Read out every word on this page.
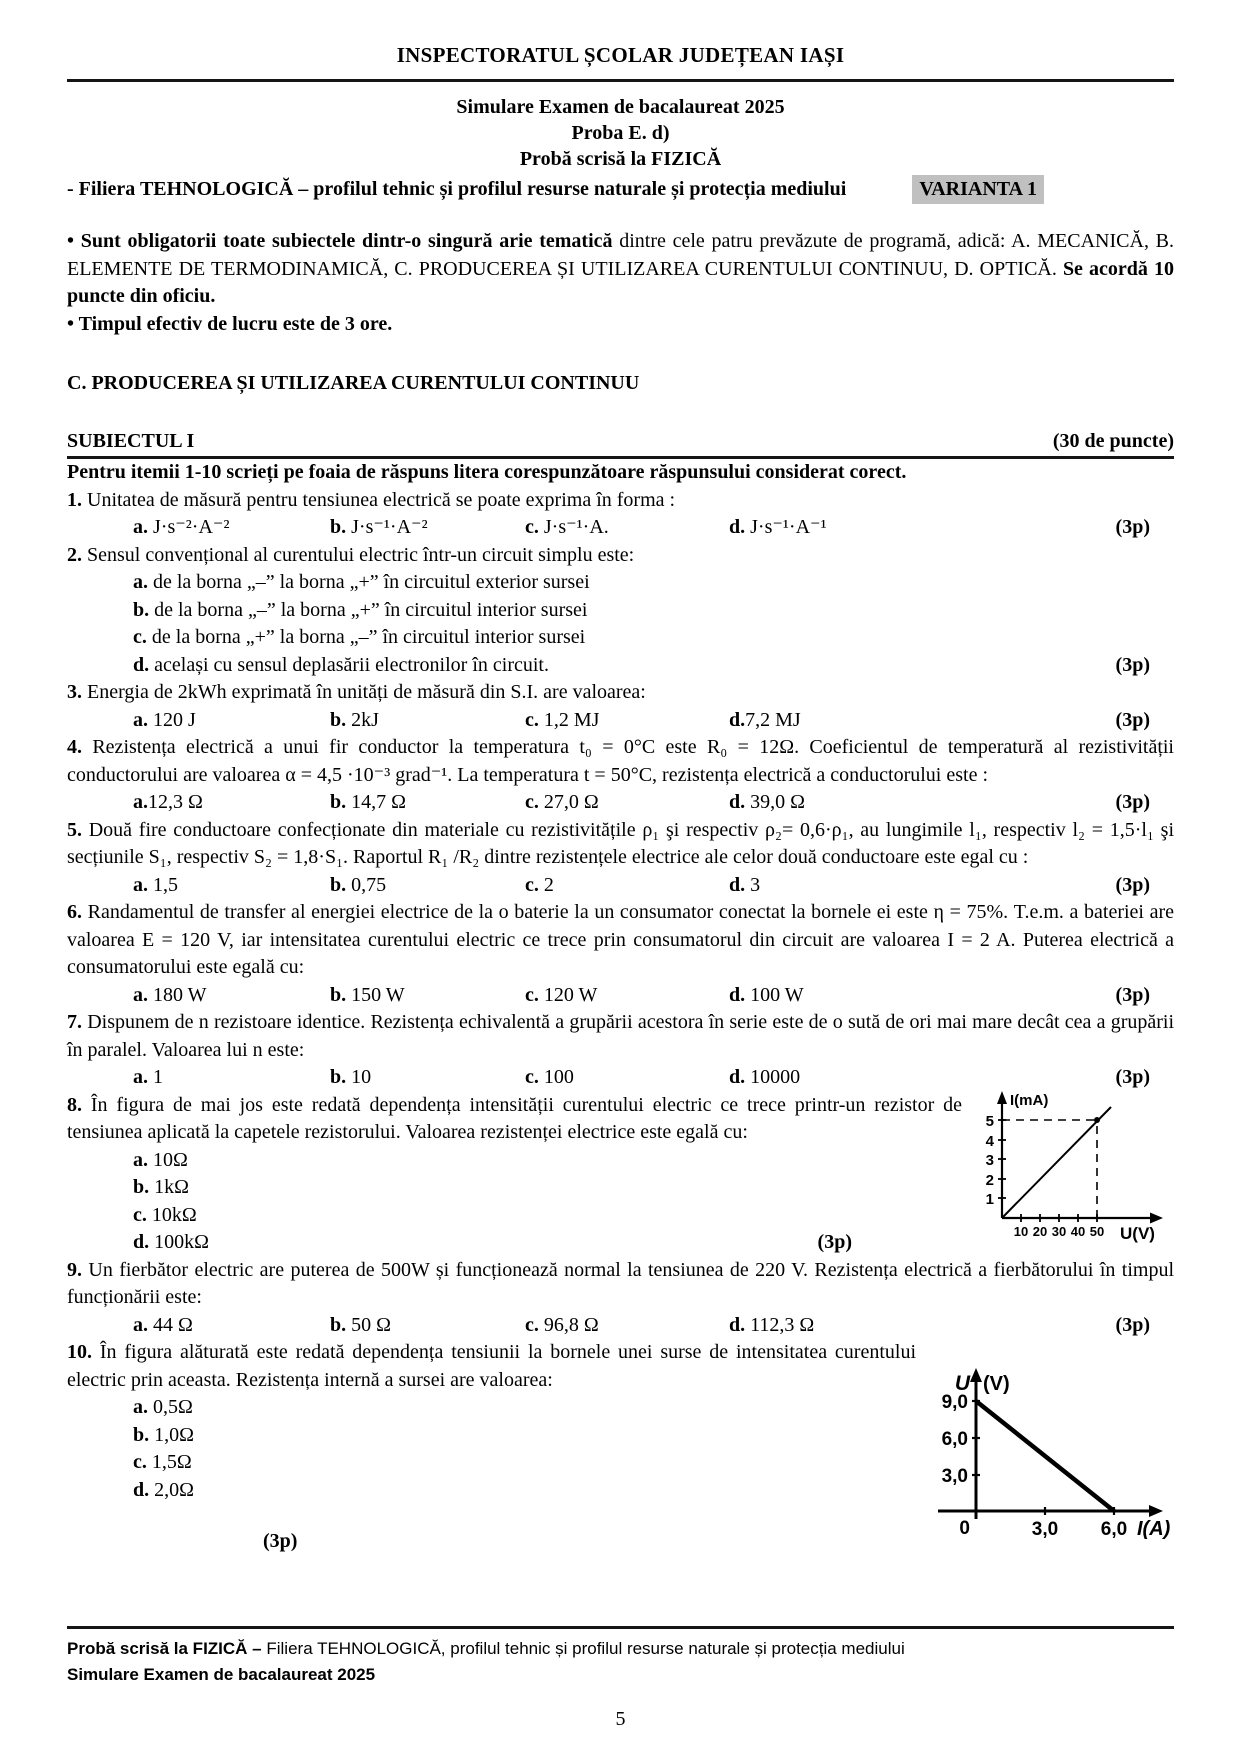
INSPECTORATUL ȘCOLAR JUDEȚEAN IAȘI
Simulare Examen de bacalaureat 2025
Proba E. d)
Probă scrisă la FIZICĂ
- Filiera TEHNOLOGICĂ – profilul tehnic și profilul resurse naturale și protecția mediului	VARIANTA 1
• Sunt obligatorii toate subiectele dintr-o singură arie tematică dintre cele patru prevăzute de programă, adică: A. MECANICĂ, B. ELEMENTE DE TERMODINAMICĂ, C. PRODUCEREA ȘI UTILIZAREA CURENTULUI CONTINUU, D. OPTICĂ. Se acordă 10 puncte din oficiu.
• Timpul efectiv de lucru este de 3 ore.
C. PRODUCEREA ȘI UTILIZAREA CURENTULUI CONTINUU
SUBIECTUL I	(30 de puncte)
Pentru itemii 1-10 scrieți pe foaia de răspuns litera corespunzătoare răspunsului considerat corect.
1. Unitatea de măsură pentru tensiunea electrică se poate exprima în forma :
a. J·s⁻²·A⁻²	b. J·s⁻¹·A⁻²	c. J·s⁻¹·A.	d. J·s⁻¹·A⁻¹	(3p)
2. Sensul convențional al curentului electric într-un circuit simplu este:
a. de la borna „–” la borna „+” în circuitul exterior sursei
b. de la borna „–” la borna „+” în circuitul interior sursei
c. de la borna „+” la borna „–” în circuitul interior sursei
d. același cu sensul deplasării electronilor în circuit.	(3p)
3. Energia de 2kWh exprimată în unități de măsură din S.I. are valoarea:
a. 120 J	b. 2kJ	c. 1,2 MJ	d.7,2 MJ	(3p)
4. Rezistența electrică a unui fir conductor la temperatura t₀ = 0°C este R₀ = 12Ω. Coeficientul de temperatură al rezistivității conductorului are valoarea α = 4,5 ·10⁻³ grad⁻¹. La temperatura t = 50°C, rezistența electrică a conductorului este :
a.12,3 Ω	b. 14,7 Ω	c. 27,0 Ω	d. 39,0 Ω	(3p)
5. Două fire conductoare confecționate din materiale cu rezistivitățile ρ₁ şi respectiv ρ₂= 0,6·ρ₁, au lungimile l₁, respectiv l₂ = 1,5·l₁ şi secțiunile S₁, respectiv S₂ = 1,8·S₁. Raportul R₁ /R₂ dintre rezistențele electrice ale celor două conductoare este egal cu :
a. 1,5	b. 0,75	c. 2	d. 3	(3p)
6. Randamentul de transfer al energiei electrice de la o baterie la un consumator conectat la bornele ei este η = 75%. T.e.m. a bateriei are valoarea E = 120 V, iar intensitatea curentului electric ce trece prin consumatorul din circuit are valoarea I = 2 A. Puterea electrică a consumatorului este egală cu:
a. 180 W	b. 150 W	c. 120 W	d. 100 W	(3p)
7. Dispunem de n rezistoare identice. Rezistența echivalentă a grupării acestora în serie este de o sută de ori mai mare decât cea a grupării în paralel. Valoarea lui n este:
a. 1	b. 10	c. 100	d. 10000	(3p)
8. În figura de mai jos este redată dependența intensității curentului electric ce trece printr-un rezistor de tensiunea aplicată la capetele rezistorului. Valoarea rezistenței electrice este egală cu:
a. 10Ω
b. 1kΩ
c. 10kΩ
d. 100kΩ	(3p)
I(mA)
5
4
3
2
1
10 20 30 40 50 U(V)
9. Un fierbător electric are puterea de 500W și funcționează normal la tensiunea de 220 V. Rezistența electrică a fierbătorului în timpul funcționării este:
a. 44 Ω	b. 50 Ω	c. 96,8 Ω	d. 112,3 Ω	(3p)
10. În figura alăturată este redată dependența tensiunii la bornele unei surse de intensitatea curentului electric prin aceasta. Rezistența internă a sursei are valoarea:
a. 0,5Ω
b. 1,0Ω
c. 1,5Ω
d. 2,0Ω
(3p)
U (V)
9,0
6,0
3,0
0	3,0 6,0 I(A)
Probă scrisă la FIZICĂ – Filiera TEHNOLOGICĂ, profilul tehnic și profilul resurse naturale și protecția mediului
Simulare Examen de bacalaureat 2025
5
